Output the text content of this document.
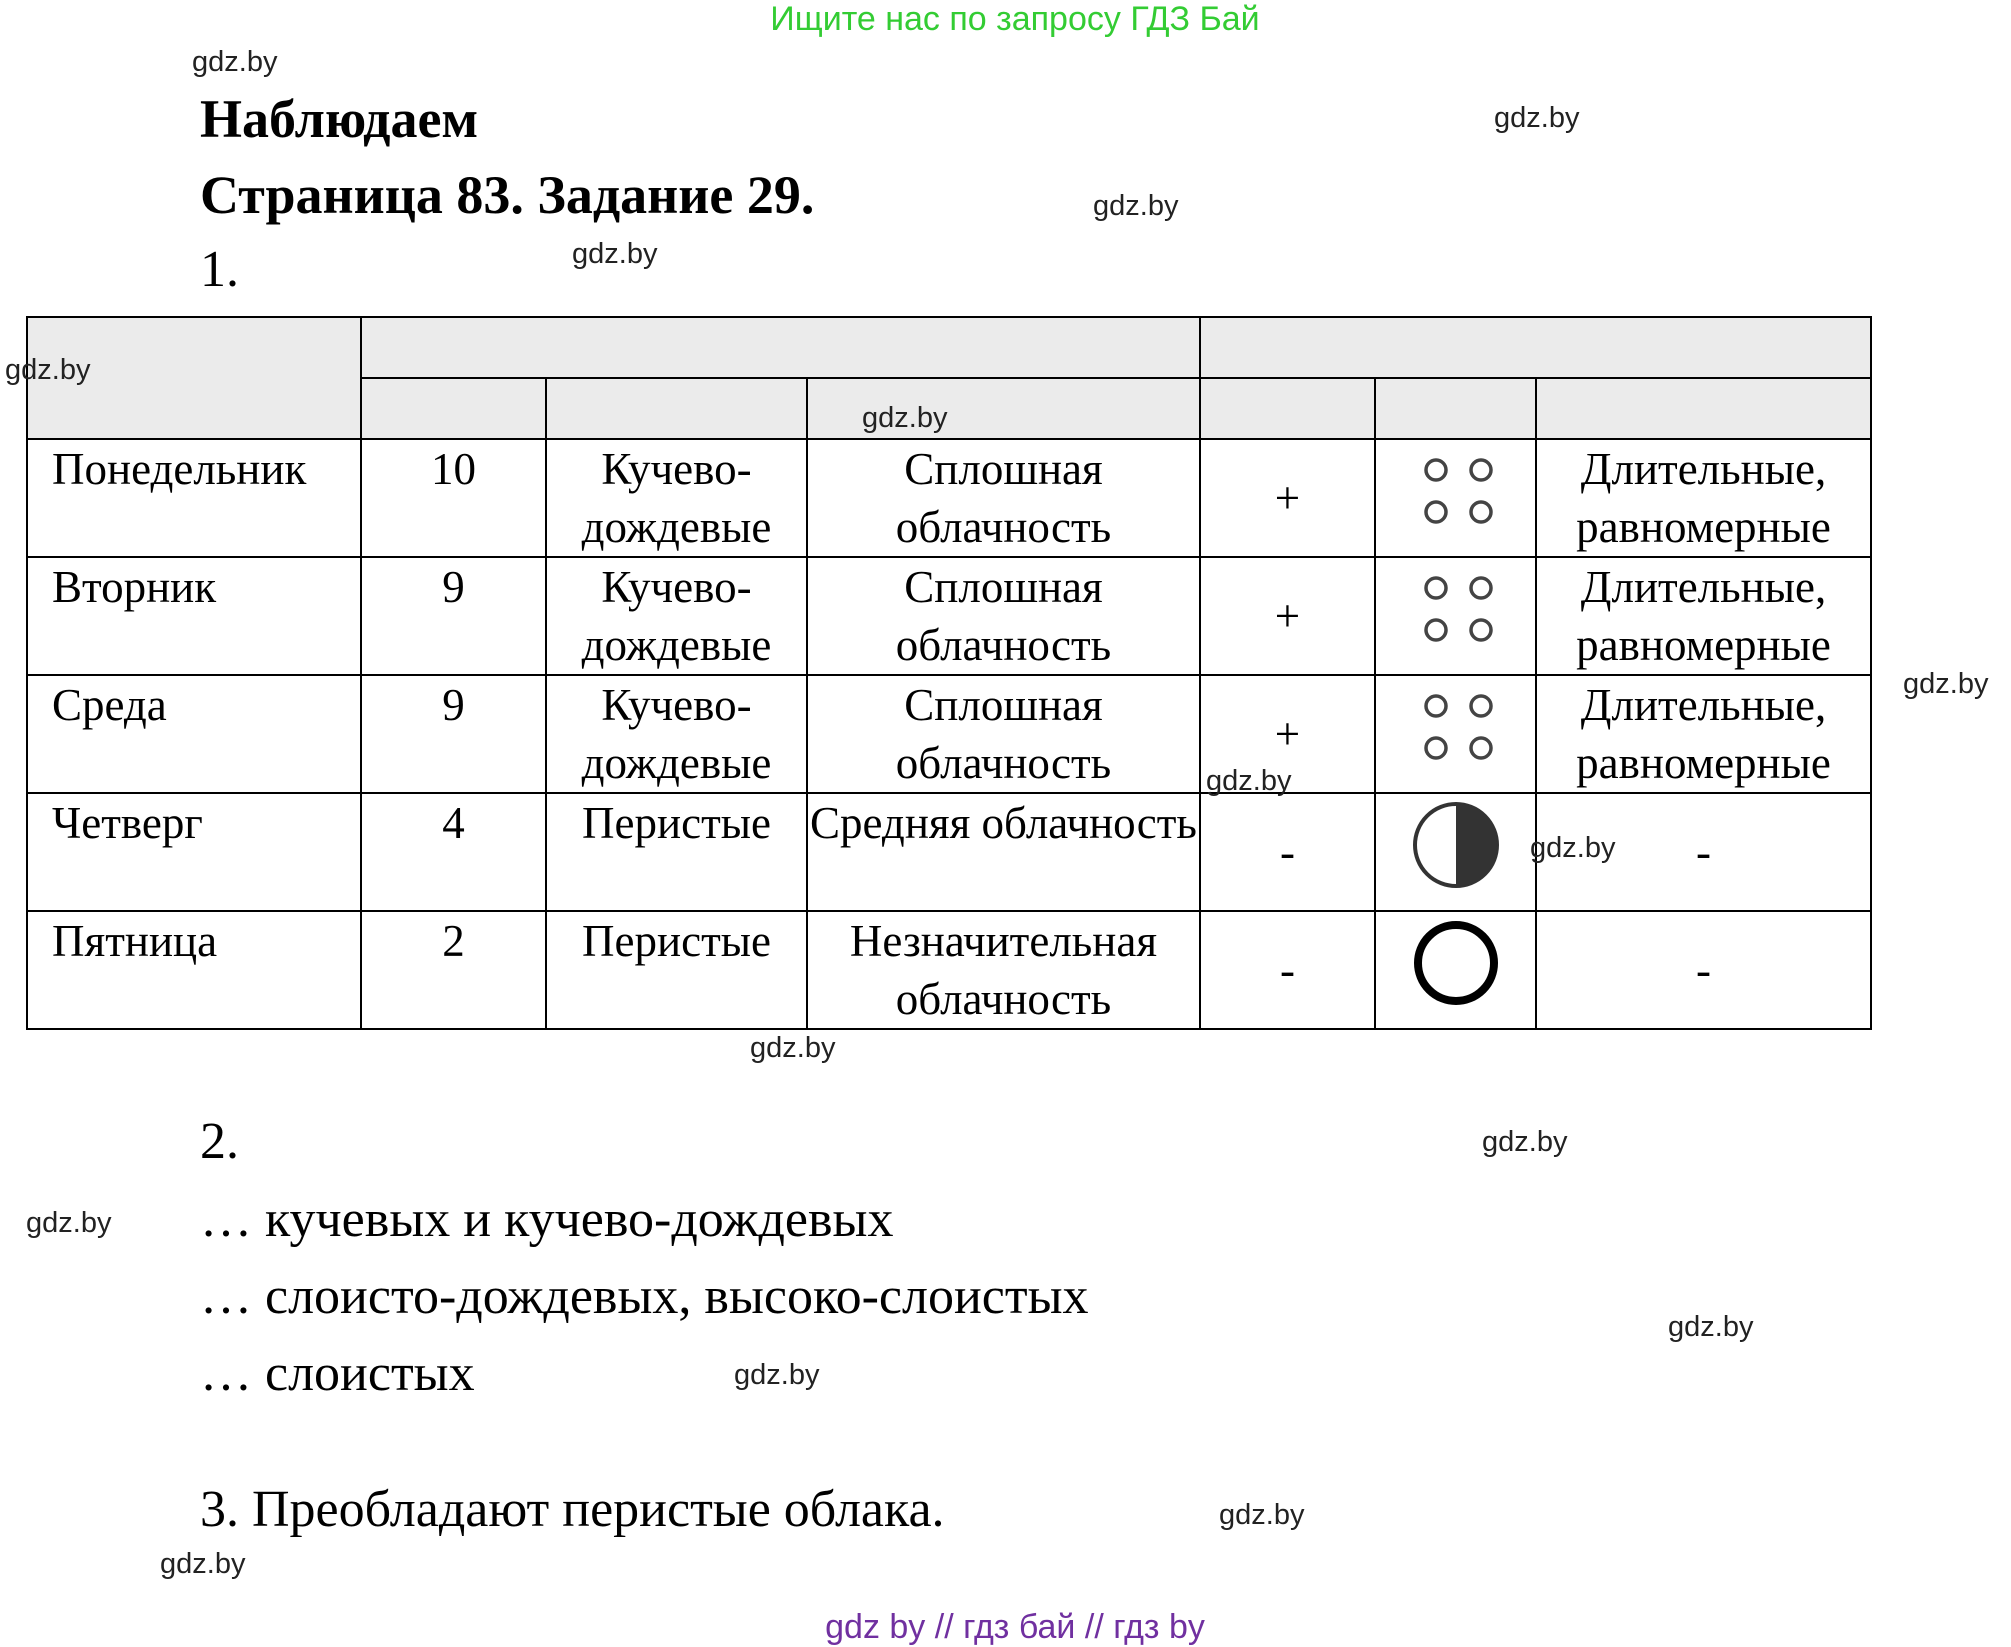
Ищите нас по запросу ГДЗ Бай
Наблюдаем
Страница 83. Задание 29.
1.

Понедельник	10	Кучево-дождевые	Сплошная облачность	+		Длительные, равномерные
Вторник	9	Кучево-дождевые	Сплошная облачность	+		Длительные, равномерные
Среда	9	Кучево-дождевые	Сплошная облачность	+		Длительные, равномерные
Четверг	4	Перистые	Средняя облачность	-		-
Пятница	2	Перистые	Незначительная облачность	-		-
2.
… кучевых и кучево-дождевых
… слоисто-дождевых, высоко-слоистых
… слоистых
3. Преобладают перистые облака.
gdz.by
gdz.by
gdz.by
gdz.by
gdz.by
gdz.by
gdz.by
gdz.by
gdz.by
gdz.by
gdz.by
gdz.by
gdz.by
gdz.by
gdz.by
gdz.by
gdz by // гдз бай // гдз by
